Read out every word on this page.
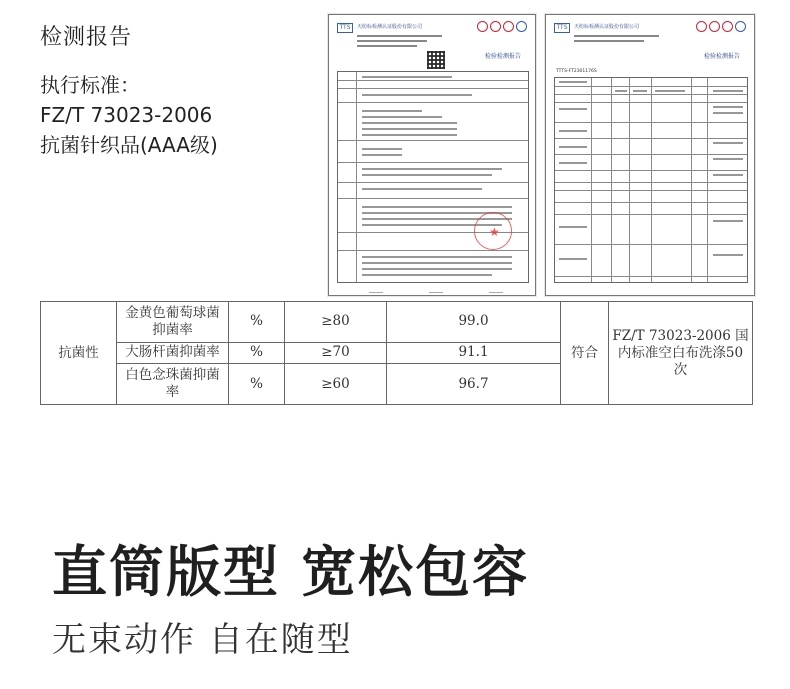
检测报告
执行标准：
FZ/T 73023-2006
抗菌针织品(AAA级)
TTS	天纺标检测认证股份有限公司
检验检测报告
★
TTS	天纺标检测认证股份有限公司
检验检测报告
TTTS-FT2301176S
抗菌性	金黄色葡萄球菌抑菌率	%	≥80	99.0	符合	FZ/T 73023-2006 国内标准空白布洗涤50次
	大肠杆菌抑菌率	%	≥70	91.1		
	白色念珠菌抑菌率	%	≥60	96.7		
直筒版型 宽松包容
无束动作 自在随型
